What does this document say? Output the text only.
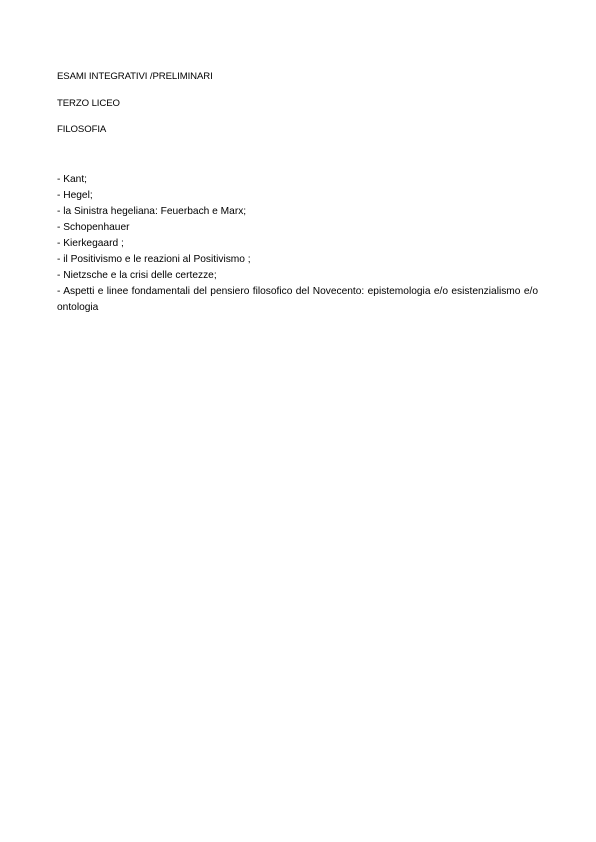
ESAMI INTEGRATIVI /PRELIMINARI
TERZO LICEO
FILOSOFIA
- Kant;
- Hegel;
- la Sinistra hegeliana: Feuerbach e Marx;
- Schopenhauer
- Kierkegaard ;
- il Positivismo e le reazioni al Positivismo ;
- Nietzsche e la crisi delle certezze;
- Aspetti e linee fondamentali del pensiero filosofico del Novecento: epistemologia e/o esistenzialismo e/o ontologia
